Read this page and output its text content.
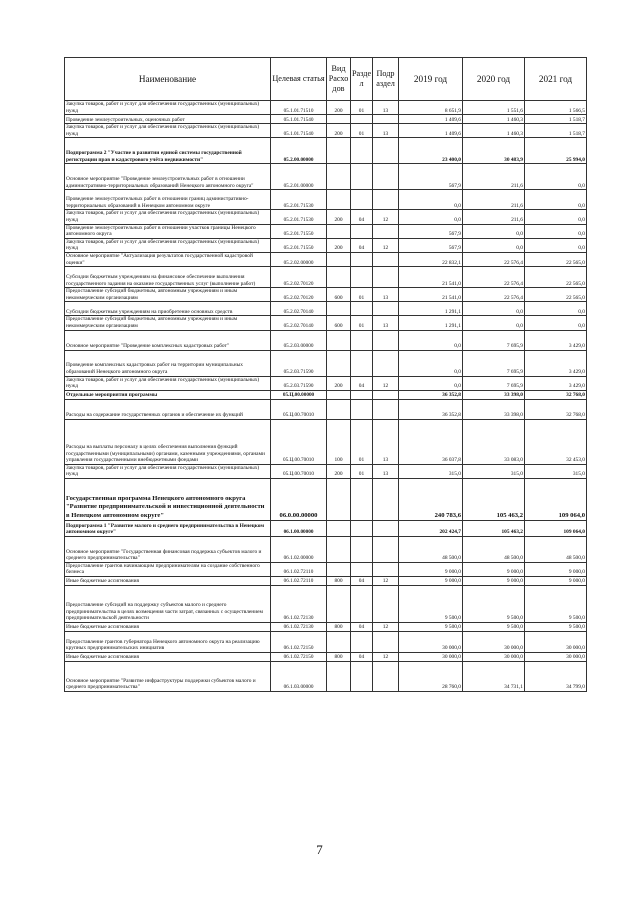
Наименование	Целевая статья	Вид Расхо дов	Разде л	Подр аздел	2019 год	2020 год	2021 год
Закупка товаров, работ и услуг для обеспечения государственных (муниципальных) нужд	05.1.01.71510	200	01	13	8 651,9	1 551,6	1 566,5
Проведение землеустроительных, оценочных работ	05.1.01.71540				1 409,6	1 460,3	1 518,7
Закупка товаров, работ и услуг для обеспечения государственных (муниципальных) нужд	05.1.01.71540	200	01	13	1 409,6	1 460,3	1 518,7
Подпрограмма 2 "Участие в развитии единой системы государственной регистрации прав и кадастрового учёта недвижимости"	05.2.00.00000				23 400,0	30 483,9	25 994,0
Основное мероприятие "Проведение землеустроительных работ в отношении административно-территориальных образований Ненецкого автономного округа"	05.2.01.00000				567,9	211,6	0,0
Проведение землеустроительных работ в отношении границ административно-территориальных образований в Ненецком автономном округе	05.2.01.71530				0,0	211,6	0,0
Закупка товаров, работ и услуг для обеспечения государственных (муниципальных) нужд	05.2.01.71530	200	04	12	0,0	211,6	0,0
Проведение землеустроительных работ в отношении участков границы Ненецкого автономного округа	05.2.01.71550				567,9	0,0	0,0
Закупка товаров, работ и услуг для обеспечения государственных (муниципальных) нужд	05.2.01.71550	200	04	12	567,9	0,0	0,0
Основное мероприятие "Актуализация результатов государственной кадастровой оценки"	05.2.02.00000				22 832,1	22 576,4	22 565,0
Субсидии бюджетным учреждениям на финансовое обеспечение выполнения государственного задания на оказание государственных услуг (выполнение работ)	05.2.02.70120				21 541,0	22 576,4	22 565,0
Предоставление субсидий бюджетным, автономным учреждениям и иным некоммерческим организациям	05.2.02.70120	600	01	13	21 541,0	22 576,4	22 565,0
Субсидии бюджетным учреждениям на приобретение основных средств	05.2.02.70140				1 291,1	0,0	0,0
Предоставление субсидий бюджетным, автономным учреждениям и иным некоммерческим организациям	05.2.02.70140	600	01	13	1 291,1	0,0	0,0
Основное мероприятие "Проведение комплексных кадастровых работ"	05.2.03.00000				0,0	7 695,9	3 429,0
Проведение комплексных кадастровых работ на территории муниципальных образований Ненецкого автономного округа	05.2.03.71590				0,0	7 695,9	3 429,0
Закупка товаров, работ и услуг для обеспечения государственных (муниципальных) нужд	05.2.03.71590	200	04	12	0,0	7 695,9	3 429,0
Отдельные мероприятия программы	05.Ц.00.00000				36 352,8	33 398,0	32 768,0
Расходы на содержание государственных органов и обеспечение их функций	05.Ц.00.70010				36 352,8	33 398,0	32 768,0
Расходы на выплаты персоналу в целях обеспечения выполнения функций государственными (муниципальными) органами, казенными учреждениями, органами управления государственными внебюджетными фондами	05.Ц.00.70010	100	01	13	36 037,8	33 083,0	32 453,0
Закупка товаров, работ и услуг для обеспечения государственных (муниципальных) нужд	05.Ц.00.70010	200	01	13	315,0	315,0	315,0
Государственная программа Ненецкого автономного округа "Развитие предпринимательской и инвестиционной деятельности в Ненецком автономном округе"	06.0.00.00000				240 783,6	105 463,2	109 064,0
Подпрограмма 1 "Развитие малого и среднего предпринимательства в Ненецком автономном округе"	06.1.00.00000				202 424,7	105 463,2	109 064,0
Основное мероприятие "Государственная финансовая поддержка субъектов малого и среднего предпринимательства"	06.1.02.00000				48 500,0	48 500,0	48 500,0
Предоставление грантов начинающим предпринимателям на создание собственного бизнеса	06.1.02.72110				9 000,0	9 000,0	9 000,0
Иные бюджетные ассигнования	06.1.02.72110	800	04	12	9 000,0	9 000,0	9 000,0
Предоставление субсидий на поддержку субъектов малого и среднего предпринимательства в целях возмещения части затрат, связанных с осуществлением предпринимательской деятельности	06.1.02.72130				9 500,0	9 500,0	9 500,0
Иные бюджетные ассигнования	06.1.02.72130	800	04	12	9 500,0	9 500,0	9 500,0
Предоставление грантов губернатора Ненецкого автономного округа на реализацию крупных предпринимательских инициатив	06.1.02.72150				30 000,0	30 000,0	30 000,0
Иные бюджетные ассигнования	06.1.02.72150	800	04	12	30 000,0	30 000,0	30 000,0
Основное мероприятие "Развитие инфраструктуры поддержки субъектов малого и среднего предпринимательства"	06.1.03.00000				28 760,0	34 731,1	34 799,0
7
